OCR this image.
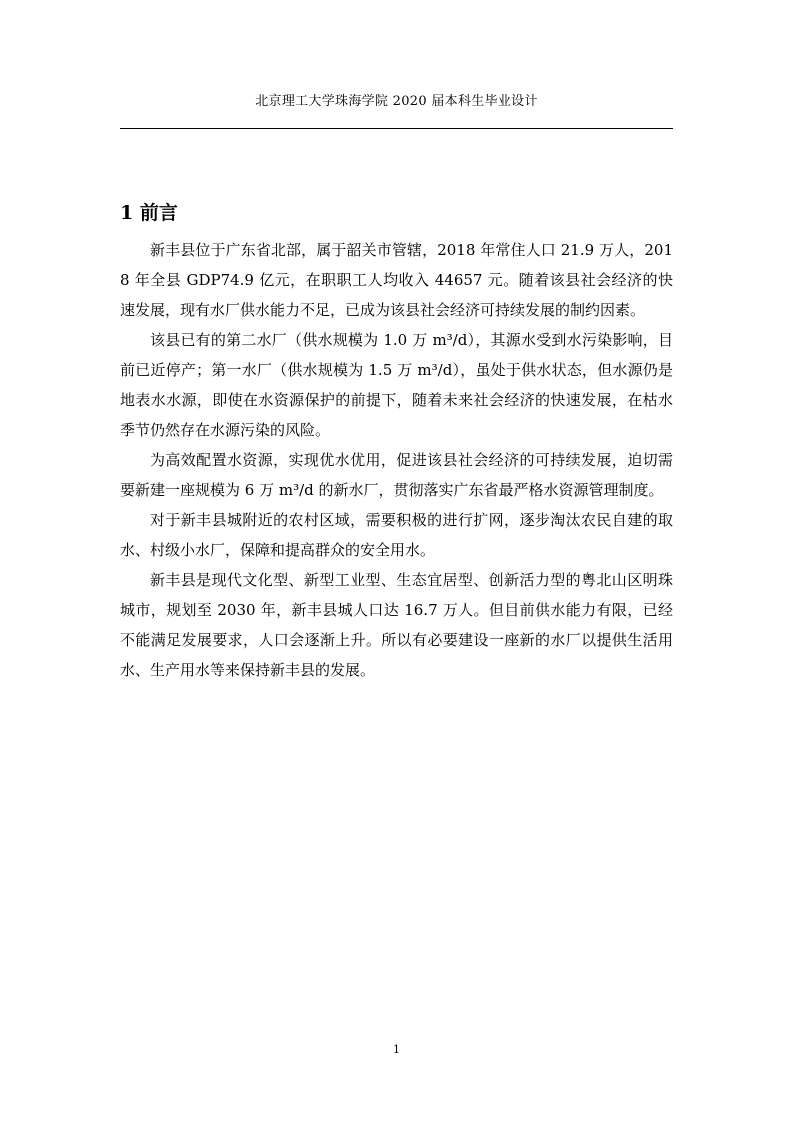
北京理工大学珠海学院 2020 届本科生毕业设计
1 前言

新丰县位于广东省北部，属于韶关市管辖，2018 年常住人口 21.9 万人，2018 年全县 GDP74.9 亿元，在职职工人均收入 44657 元。随着该县社会经济的快速发展，现有水厂供水能力不足，已成为该县社会经济可持续发展的制约因素。

该县已有的第二水厂（供水规模为 1.0 万 m³/d），其源水受到水污染影响，目前已近停产；第一水厂（供水规模为 1.5 万 m³/d），虽处于供水状态，但水源仍是地表水水源，即使在水资源保护的前提下，随着未来社会经济的快速发展，在枯水季节仍然存在水源污染的风险。

为高效配置水资源，实现优水优用，促进该县社会经济的可持续发展，迫切需要新建一座规模为 6 万 m³/d 的新水厂，贯彻落实广东省最严格水资源管理制度。

对于新丰县城附近的农村区域，需要积极的进行扩网，逐步淘汰农民自建的取水、村级小水厂，保障和提高群众的安全用水。

新丰县是现代文化型、新型工业型、生态宜居型、创新活力型的粤北山区明珠城市，规划至 2030 年，新丰县城人口达 16.7 万人。但目前供水能力有限，已经不能满足发展要求，人口会逐渐上升。所以有必要建设一座新的水厂以提供生活用水、生产用水等来保持新丰县的发展。

1
